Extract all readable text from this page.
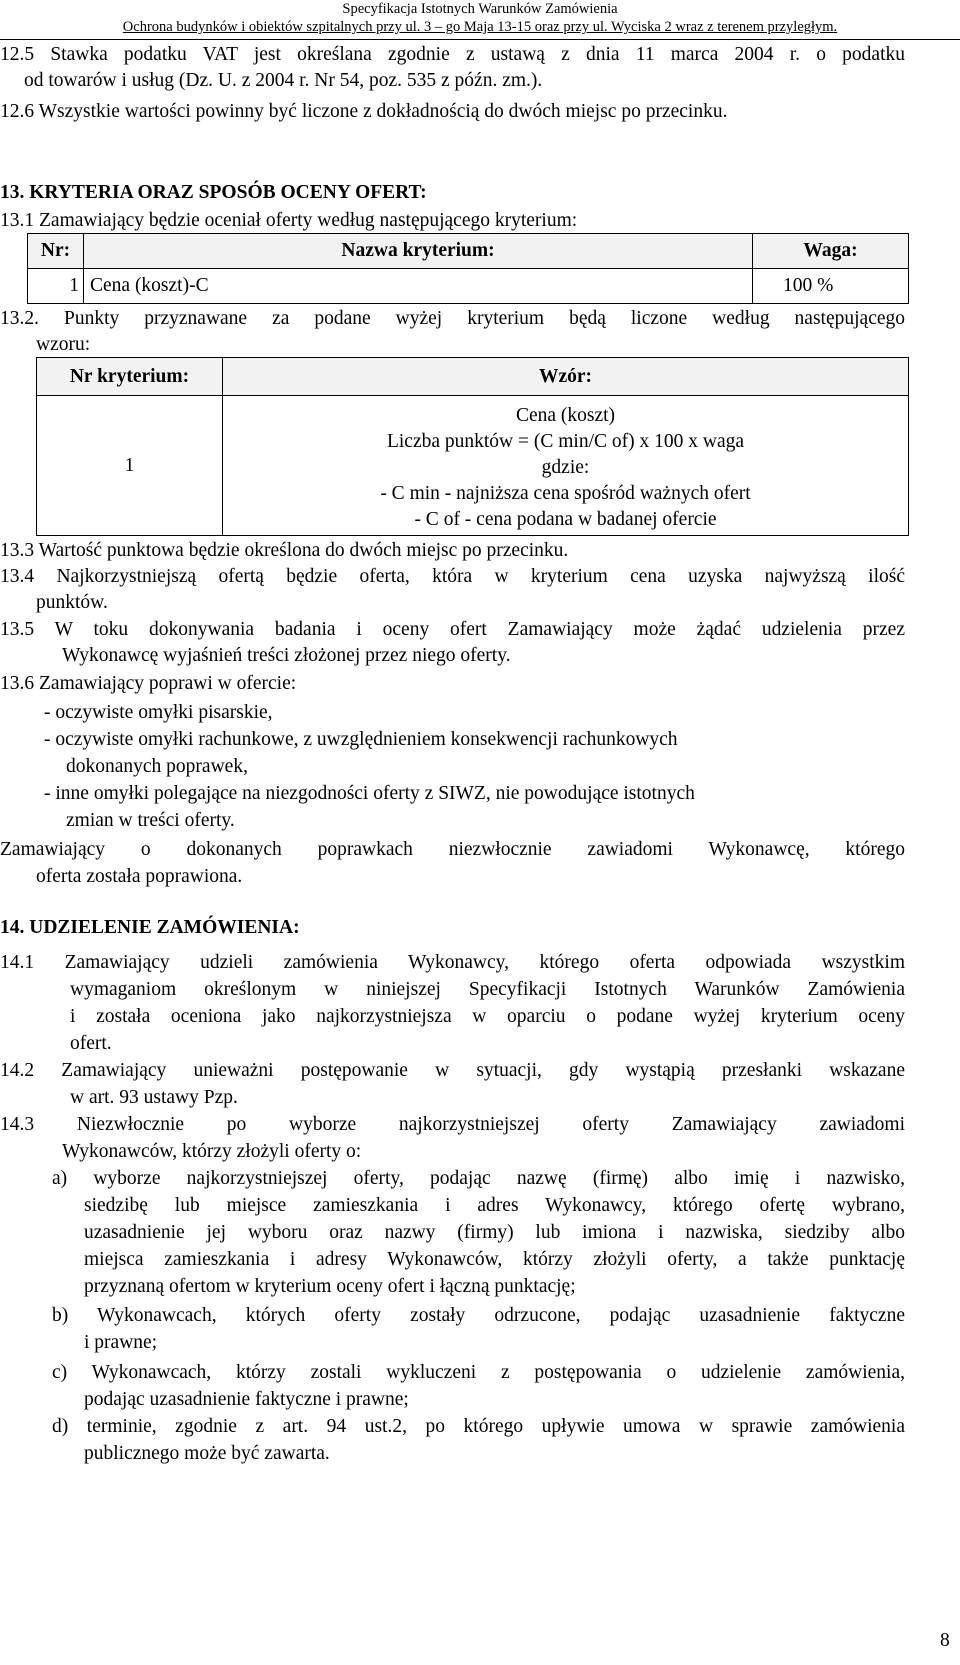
Specyfikacja Istotnych Warunków Zamówienia
Ochrona budynków i obiektów szpitalnych przy ul. 3 – go Maja 13-15 oraz przy ul. Wyciska 2 wraz z terenem przyległym.
12.5 Stawka podatku VAT jest określana zgodnie z ustawą z dnia 11 marca 2004 r. o podatku
od towarów i usług (Dz. U. z 2004 r. Nr 54, poz. 535 z późn. zm.).
12.6 Wszystkie wartości powinny być liczone z dokładnością do dwóch miejsc po przecinku.
13. KRYTERIA ORAZ SPOSÓB OCENY OFERT:
13.1 Zamawiający będzie oceniał oferty według następującego kryterium:
Nr:	Nazwa kryterium:	Waga:
1	Cena (koszt)-C	100 %
13.2. Punkty przyznawane za podane wyżej kryterium będą liczone według następującego
wzoru:
Nr kryterium:	Wzór:
1	Cena (koszt)
Liczba punktów = (C min/C of) x 100 x waga
gdzie:
- C min - najniższa cena spośród ważnych ofert
- C of - cena podana w badanej ofercie
13.3 Wartość punktowa będzie określona do dwóch miejsc po przecinku.
13.4 Najkorzystniejszą ofertą będzie oferta, która w kryterium cena uzyska najwyższą ilość
punktów.
13.5 W toku dokonywania badania i oceny ofert Zamawiający może żądać udzielenia przez
Wykonawcę wyjaśnień treści złożonej przez niego oferty.
13.6 Zamawiający poprawi w ofercie:
- oczywiste omyłki pisarskie,
- oczywiste omyłki rachunkowe, z uwzględnieniem konsekwencji rachunkowych
dokonanych poprawek,
- inne omyłki polegające na niezgodności oferty z SIWZ, nie powodujące istotnych
zmian w treści oferty.
Zamawiający o dokonanych poprawkach niezwłocznie zawiadomi Wykonawcę, którego
oferta została poprawiona.
14. UDZIELENIE ZAMÓWIENIA:
14.1 Zamawiający udzieli zamówienia Wykonawcy, którego oferta odpowiada wszystkim
wymaganiom określonym w niniejszej Specyfikacji Istotnych Warunków Zamówienia
i została oceniona jako najkorzystniejsza w oparciu o podane wyżej kryterium oceny
ofert.
14.2 Zamawiający unieważni postępowanie w sytuacji, gdy wystąpią przesłanki wskazane
w art. 93 ustawy Pzp.
14.3 Niezwłocznie po wyborze najkorzystniejszej oferty Zamawiający zawiadomi
Wykonawców, którzy złożyli oferty o:
a) wyborze najkorzystniejszej oferty, podając nazwę (firmę) albo imię i nazwisko,
siedzibę lub miejsce zamieszkania i adres Wykonawcy, którego ofertę wybrano,
uzasadnienie jej wyboru oraz nazwy (firmy) lub imiona i nazwiska, siedziby albo
miejsca zamieszkania i adresy Wykonawców, którzy złożyli oferty, a także punktację
przyznaną ofertom w kryterium oceny ofert i łączną punktację;
b) Wykonawcach, których oferty zostały odrzucone, podając uzasadnienie faktyczne
i prawne;
c) Wykonawcach, którzy zostali wykluczeni z postępowania o udzielenie zamówienia,
podając uzasadnienie faktyczne i prawne;
d) terminie, zgodnie z art. 94 ust.2, po którego upływie umowa w sprawie zamówienia
publicznego może być zawarta.
8
